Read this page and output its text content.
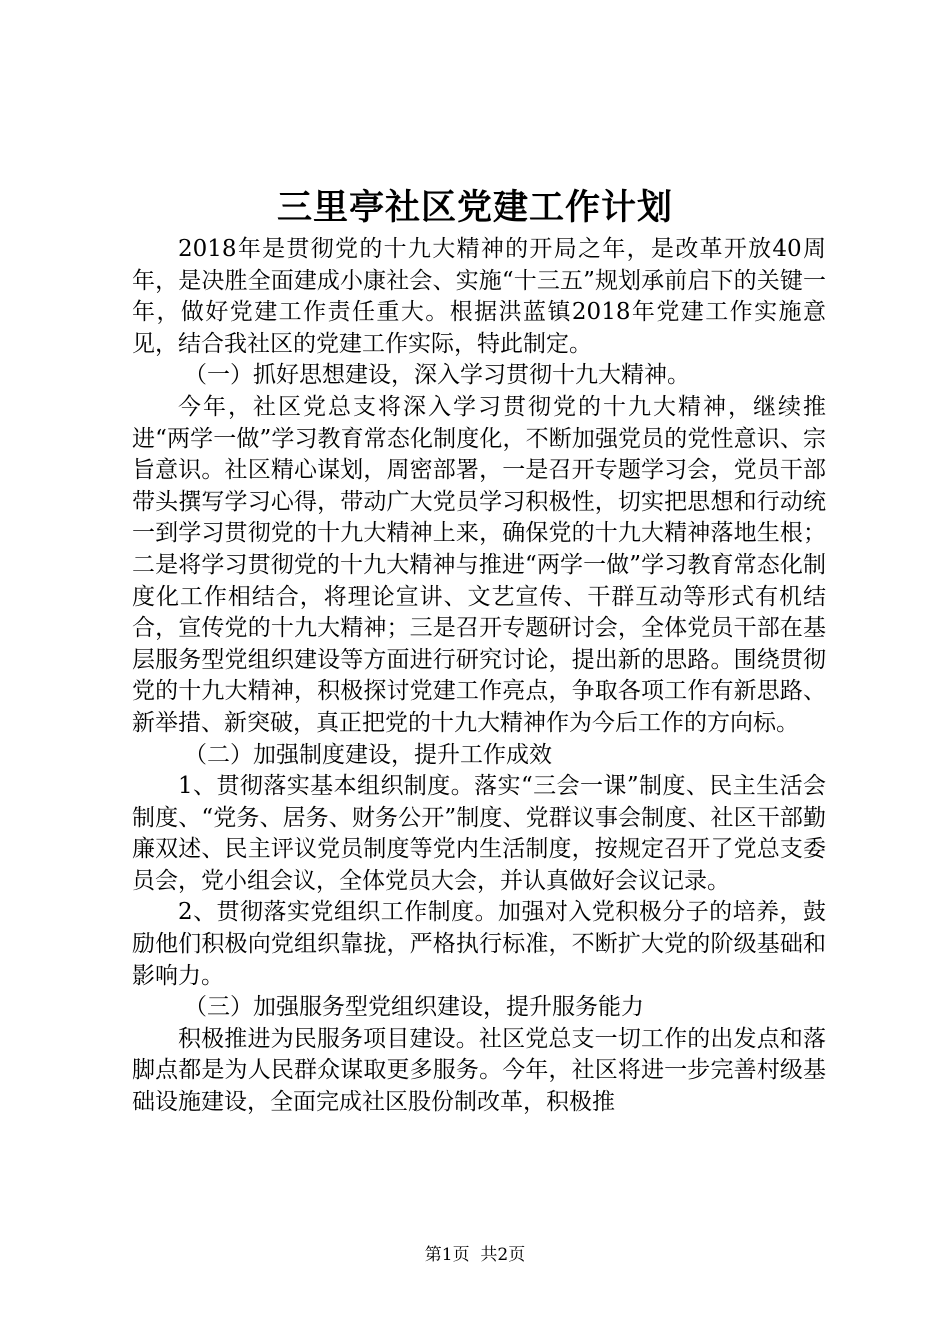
三里亭社区党建工作计划

2018年是贯彻党的十九大精神的开局之年，是改革开放40周年，是决胜全面建成小康社会、实施“十三五”规划承前启下的关键一年，做好党建工作责任重大。根据洪蓝镇2018年党建工作实施意见，结合我社区的党建工作实际，特此制定。

（一）抓好思想建设，深入学习贯彻十九大精神。

今年，社区党总支将深入学习贯彻党的十九大精神，继续推进“两学一做”学习教育常态化制度化，不断加强党员的党性意识、宗旨意识。社区精心谋划，周密部署，一是召开专题学习会，党员干部带头撰写学习心得，带动广大党员学习积极性，切实把思想和行动统一到学习贯彻党的十九大精神上来，确保党的十九大精神落地生根；二是将学习贯彻党的十九大精神与推进“两学一做”学习教育常态化制度化工作相结合，将理论宣讲、文艺宣传、干群互动等形式有机结合，宣传党的十九大精神；三是召开专题研讨会，全体党员干部在基层服务型党组织建设等方面进行研究讨论，提出新的思路。围绕贯彻党的十九大精神，积极探讨党建工作亮点，争取各项工作有新思路、新举措、新突破，真正把党的十九大精神作为今后工作的方向标。

（二）加强制度建设，提升工作成效

1、贯彻落实基本组织制度。落实“三会一课”制度、民主生活会制度、“党务、居务、财务公开”制度、党群议事会制度、社区干部勤廉双述、民主评议党员制度等党内生活制度，按规定召开了党总支委员会，党小组会议，全体党员大会，并认真做好会议记录。

2、贯彻落实党组织工作制度。加强对入党积极分子的培养，鼓励他们积极向党组织靠拢，严格执行标准，不断扩大党的阶级基础和影响力。

（三）加强服务型党组织建设，提升服务能力

积极推进为民服务项目建设。社区党总支一切工作的出发点和落脚点都是为人民群众谋取更多服务。今年，社区将进一步完善村级基础设施建设，全面完成社区股份制改革，积极推

第1页 共2页
